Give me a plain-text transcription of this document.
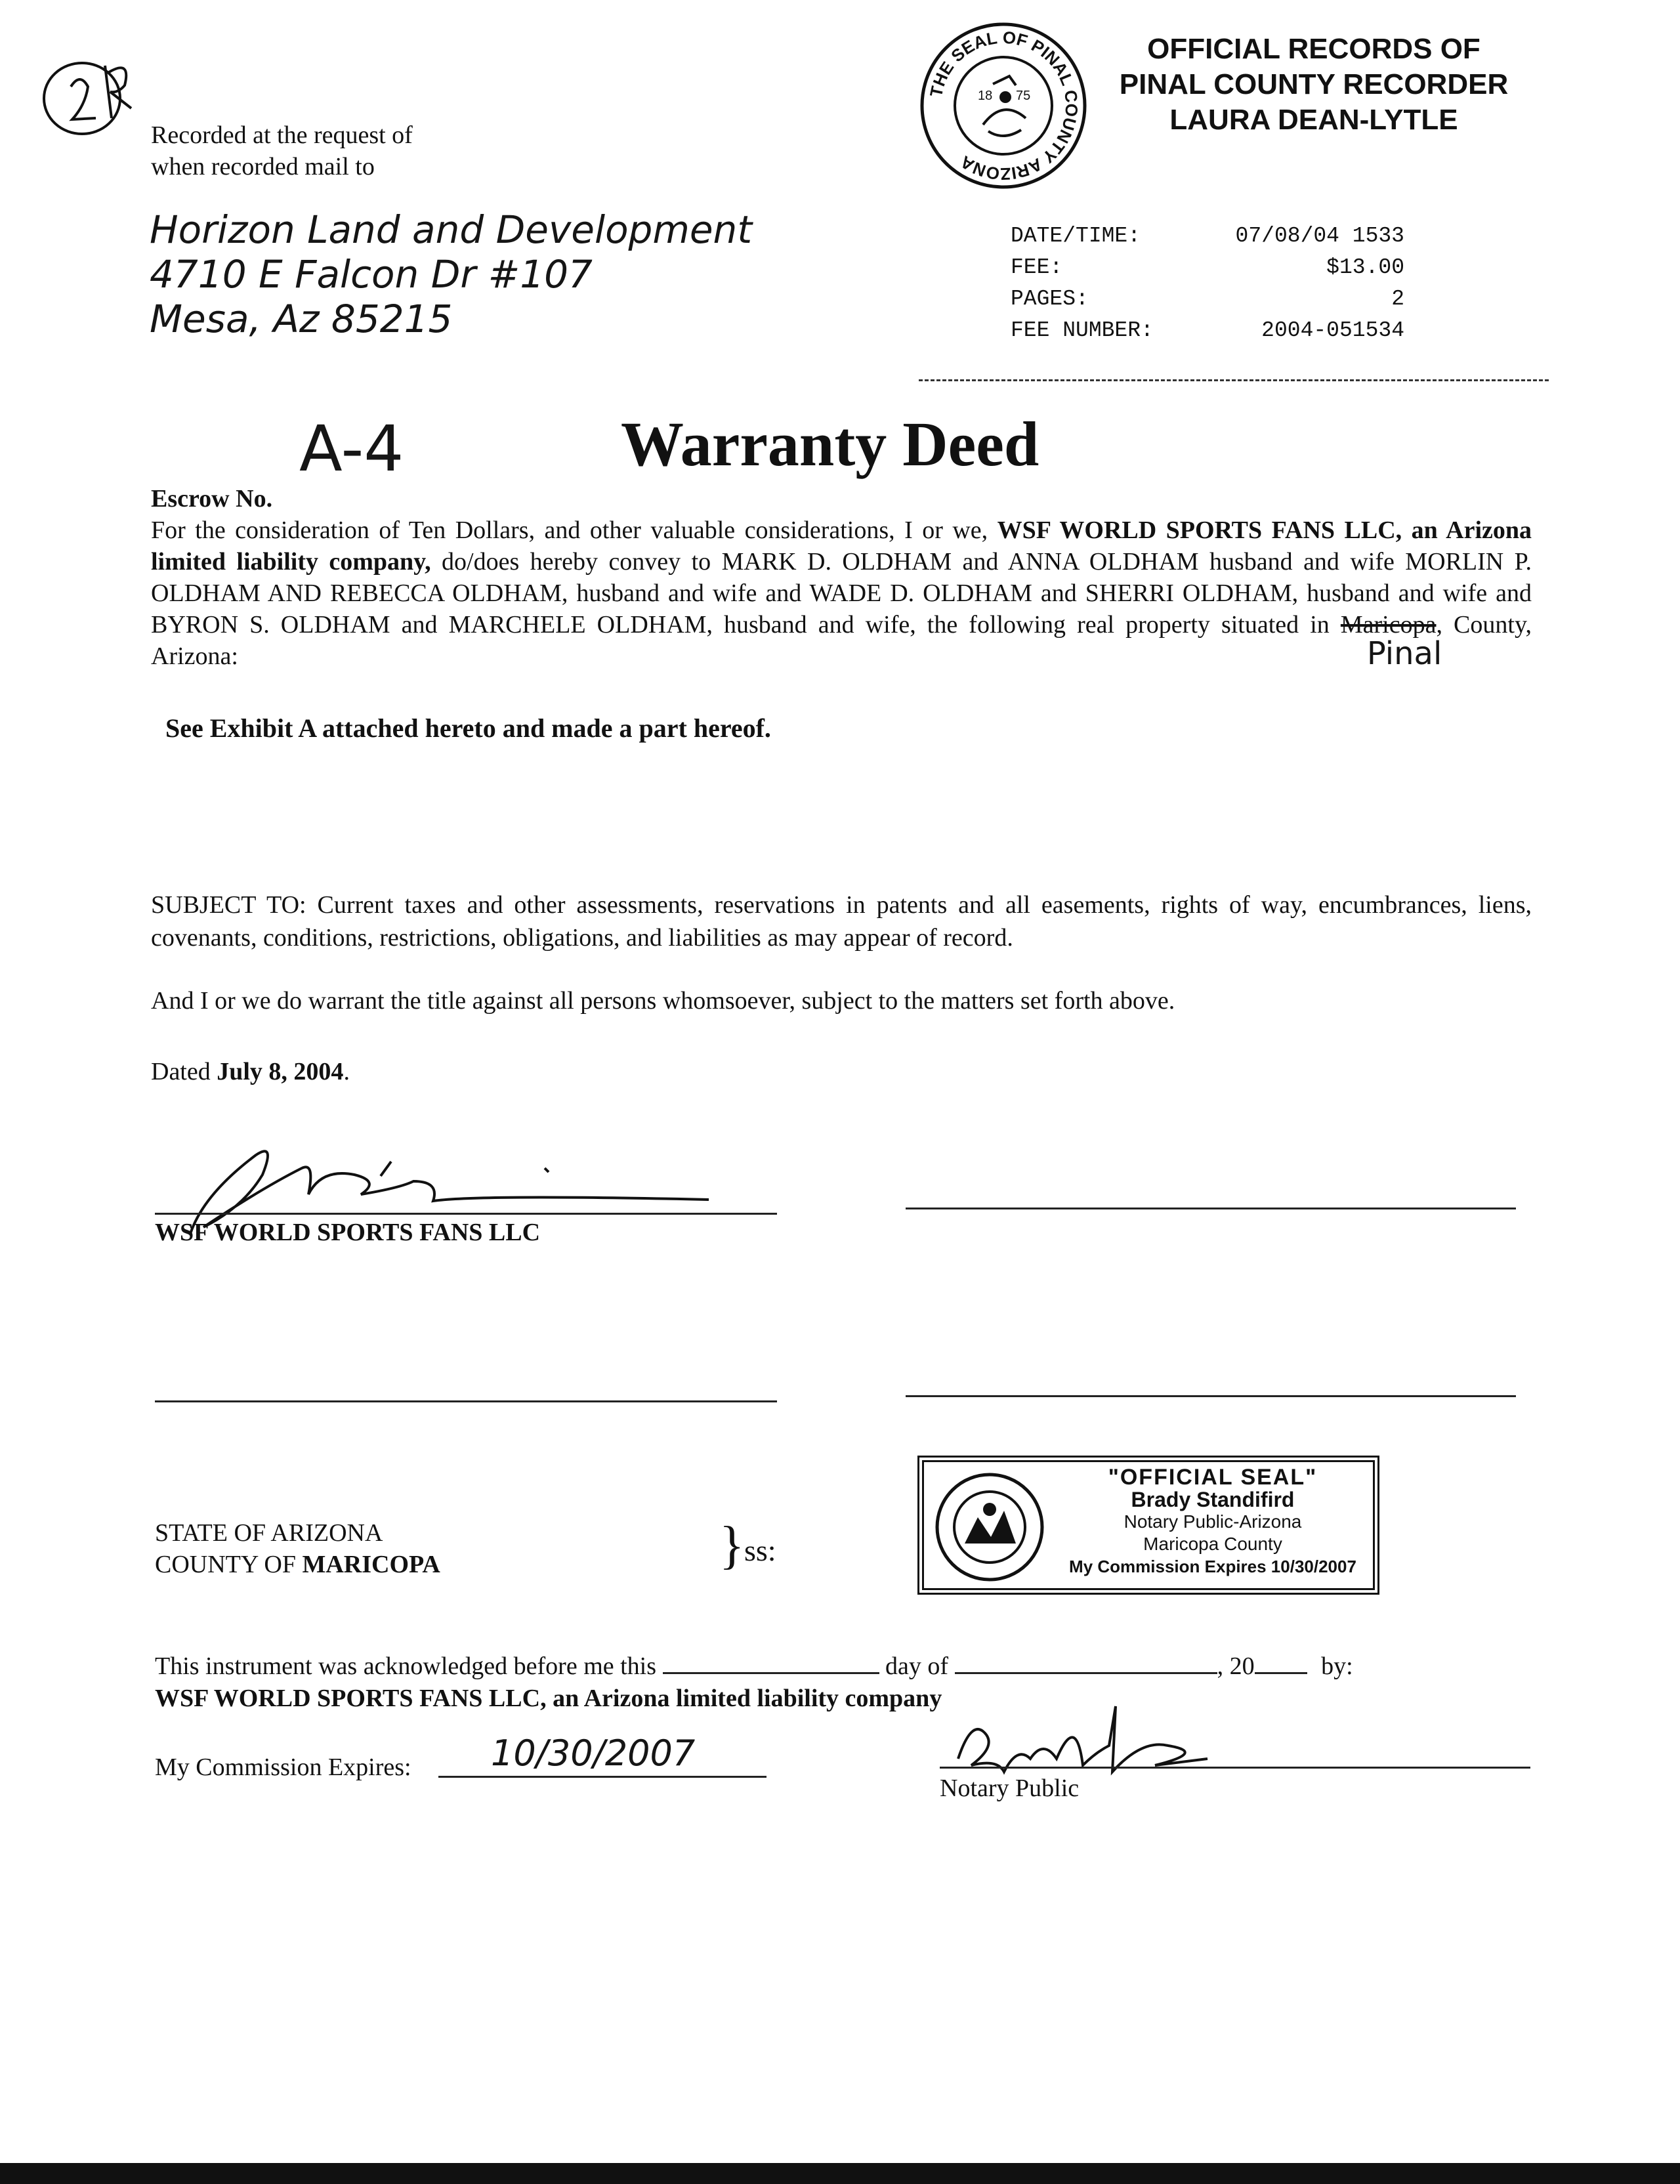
Recorded at the request of
when recorded mail to
Horizon Land and Development
4710 E Falcon Dr #107
Mesa, Az 85215
THE SEAL OF PINAL COUNTY ARIZONA
18 75
OFFICIAL RECORDS OF
PINAL COUNTY RECORDER
LAURA DEAN-LYTLE
DATE/TIME:	07/08/04 1533
FEE:	$13.00
PAGES:	2
FEE NUMBER:	2004-051534
A-4	Warranty Deed
Escrow No.
For the consideration of Ten Dollars, and other valuable considerations, I or we, WSF WORLD SPORTS FANS LLC, an Arizona limited liability company, do/does hereby convey to MARK D. OLDHAM and ANNA OLDHAM husband and wife MORLIN P. OLDHAM AND REBECCA OLDHAM, husband and wife and WADE D. OLDHAM and SHERRI OLDHAM, husband and wife and BYRON S. OLDHAM and MARCHELE OLDHAM, husband and wife, the following real property situated in Maricopa
Pinal
, County, Arizona:
See Exhibit A attached hereto and made a part hereof.
SUBJECT TO: Current taxes and other assessments, reservations in patents and all easements, rights of way, encumbrances, liens, covenants, conditions, restrictions, obligations, and liabilities as may appear of record.
And I or we do warrant the title against all persons whomsoever, subject to the matters set forth above.
Dated July 8, 2004.
WSF WORLD SPORTS FANS LLC
"OFFICIAL SEAL"
Brady Standifird
Notary Public-Arizona
Maricopa County
My Commission Expires 10/30/2007
STATE OF ARIZONA
COUNTY OF MARICOPA	} ss:
This instrument was acknowledged before me this	day of	, 20	by:
WSF WORLD SPORTS FANS LLC, an Arizona limited liability company
My Commission Expires: 10/30/2007
Notary Public
